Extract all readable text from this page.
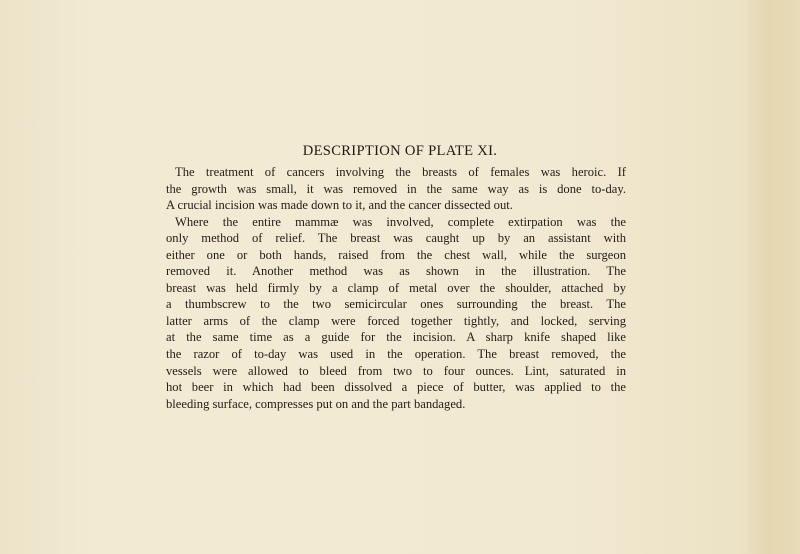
DESCRIPTION OF PLATE XI.
The treatment of cancers involving the breasts of females was heroic. If
the growth was small, it was removed in the same way as is done to-day.
A crucial incision was made down to it, and the cancer dissected out.
Where the entire mammæ was involved, complete extirpation was the
only method of relief. The breast was caught up by an assistant with
either one or both hands, raised from the chest wall, while the surgeon
removed it. Another method was as shown in the illustration. The
breast was held firmly by a clamp of metal over the shoulder, attached by
a thumbscrew to the two semicircular ones surrounding the breast. The
latter arms of the clamp were forced together tightly, and locked, serving
at the same time as a guide for the incision. A sharp knife shaped like
the razor of to-day was used in the operation. The breast removed, the
vessels were allowed to bleed from two to four ounces. Lint, saturated in
hot beer in which had been dissolved a piece of butter, was applied to the
bleeding surface, compresses put on and the part bandaged.
